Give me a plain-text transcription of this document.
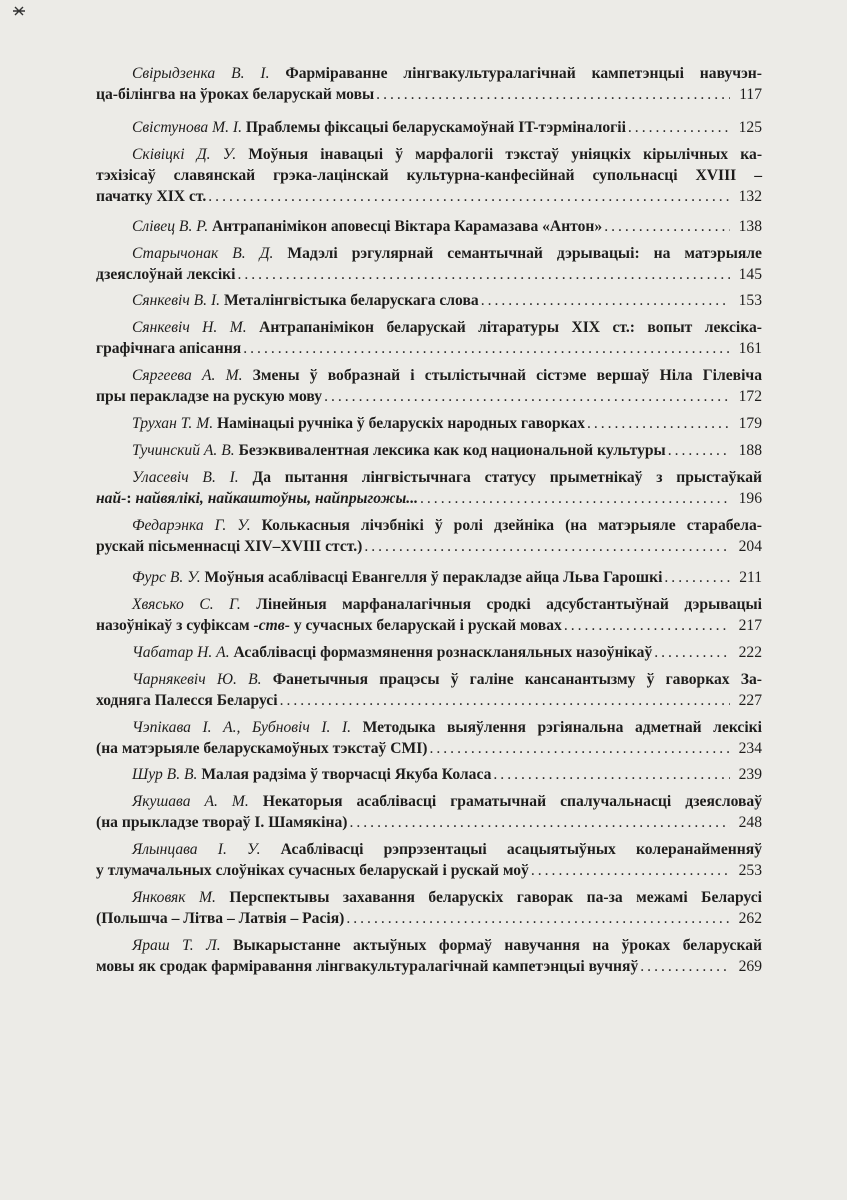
Свірыдзенка В. І. Фарміраванне лінгвакультуралагічнай кампетэнцыі навучэн-
ца-білінгва на ўроках беларускай мовы .....	117
Свістунова М. І. Праблемы фіксацыі беларускамоўнай IT-тэрміналогіі .....	125
Сківіцкі Д. У. Моўныя інавацыі ў марфалогіі тэкстаў уніяцкіх кірылічных ка-
тэхізісаў славянскай грэка-лацінскай культурна-канфесійнай супольнасці XVIII –
пачатку XIX ст. .....	132
Слівец В. Р. Антрапанімікон аповесці Віктара Карамазава «Антон» .....	138
Старычонак В. Д. Мадэлі рэгулярнай семантычнай дэрывацыі: на матэрыяле
дзеяслоўнай лексікі .....	145
Сянкевіч В. І. Металінгвістыка беларускага слова .....	153
Сянкевіч Н. М. Антрапанімікон беларускай літаратуры XIX ст.: вопыт лексіка-
графічнага апісання .....	161
Сяргеева А. М. Змены ў вобразнай і стылістычнай сістэме вершаў Ніла Гілевіча
пры перакладзе на рускую мову .....	172
Трухан Т. М. Намінацыі ручніка ў беларускіх народных гаворках .....	179
Тучинский А. В. Безэквивалентная лексика как код национальной культуры .....	188
Уласевіч В. І. Да пытання лінгвістычнага статусу прыметнікаў з прыстаўкай
най-: найвялікі, найкаштоўны, найпрыгожы... .....	196
Федарэнка Г. У. Колькасныя лічэбнікі ў ролі дзейніка (на матэрыяле старабела-
рускай пісьменнасці XIV–XVIII стст.) .....	204
Фурс В. У. Моўныя асаблівасці Евангелля ў перакладзе айца Льва Гарошкі .....	211
Хвясько С. Г. Лінейныя марфаналагічныя сродкі адсубстантыўнай дэрывацыі
назоўнікаў з суфіксам -ств- у сучасных беларускай і рускай мовах .....	217
Чабатар Н. А. Асаблівасці формазмянення рознаскланяльных назоўнікаў .....	222
Чарнякевіч Ю. В. Фанетычныя працэсы ў галіне кансанантызму ў гаворках За-
ходняга Палесся Беларусі .....	227
Чэпікава І. А., Бубновіч І. І. Методыка выяўлення рэгіянальна адметнай лексікі
(на матэрыяле беларускамоўных тэкстаў СМІ) .....	234
Шур В. В. Малая радзіма ў творчасці Якуба Коласа .....	239
Якушава А. М. Некаторыя асаблівасці граматычнай спалучальнасці дзеясловаў
(на прыкладзе твораў І. Шамякіна) .....	248
Ялынцава І. У. Асаблівасці рэпрэзентацыі асацыятыўных колеранайменняў
у тлумачальных слоўніках сучасных беларускай і рускай моў .....	253
Янковяк М. Перспектывы захавання беларускіх гаворак па-за межамі Беларусі
(Польшча – Літва – Латвія – Расія) .....	262
Яраш Т. Л. Выкарыстанне актыўных формаў навучання на ўроках беларускай
мовы як сродак фарміравання лінгвакультуралагічнай кампетэнцыі вучняў .....	269
